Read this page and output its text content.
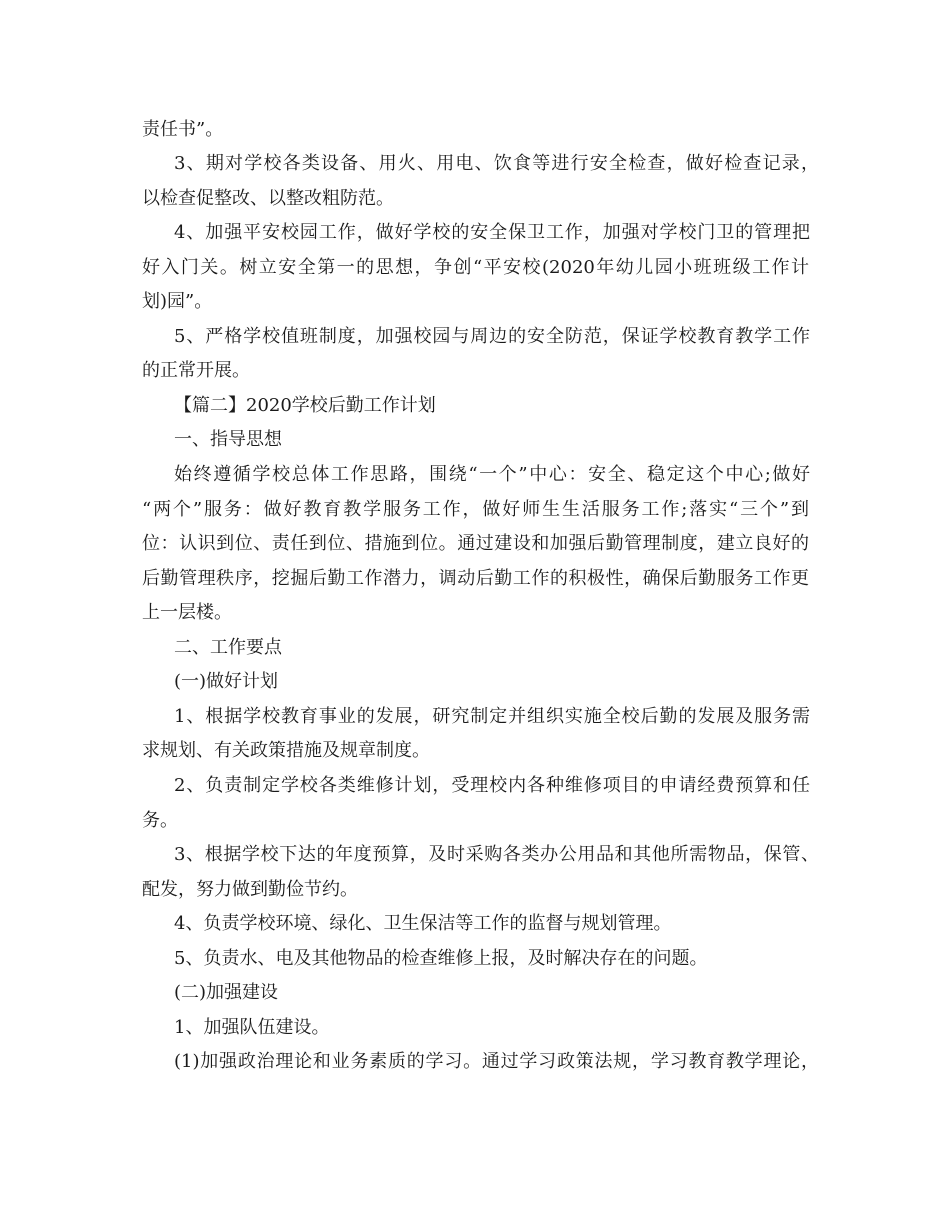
责任书”。
3、期对学校各类设备、用火、用电、饮食等进行安全检查，做好检查记录，
以检查促整改、以整改粗防范。
4、加强平安校园工作，做好学校的安全保卫工作，加强对学校门卫的管理把
好入门关。树立安全第一的思想，争创“平安校(2020年幼儿园小班班级工作计
划)园”。
5、严格学校值班制度，加强校园与周边的安全防范，保证学校教育教学工作
的正常开展。
【篇二】2020学校后勤工作计划
一、指导思想
始终遵循学校总体工作思路，围绕“一个”中心：安全、稳定这个中心;做好
“两个”服务：做好教育教学服务工作，做好师生生活服务工作;落实“三个”到
位：认识到位、责任到位、措施到位。通过建设和加强后勤管理制度，建立良好的
后勤管理秩序，挖掘后勤工作潜力，调动后勤工作的积极性，确保后勤服务工作更
上一层楼。
二、工作要点
(一)做好计划
1、根据学校教育事业的发展，研究制定并组织实施全校后勤的发展及服务需
求规划、有关政策措施及规章制度。
2、负责制定学校各类维修计划，受理校内各种维修项目的申请经费预算和任
务。
3、根据学校下达的年度预算，及时采购各类办公用品和其他所需物品，保管、
配发，努力做到勤俭节约。
4、负责学校环境、绿化、卫生保洁等工作的监督与规划管理。
5、负责水、电及其他物品的检查维修上报，及时解决存在的问题。
(二)加强建设
1、加强队伍建设。
(1)加强政治理论和业务素质的学习。通过学习政策法规，学习教育教学理论，
